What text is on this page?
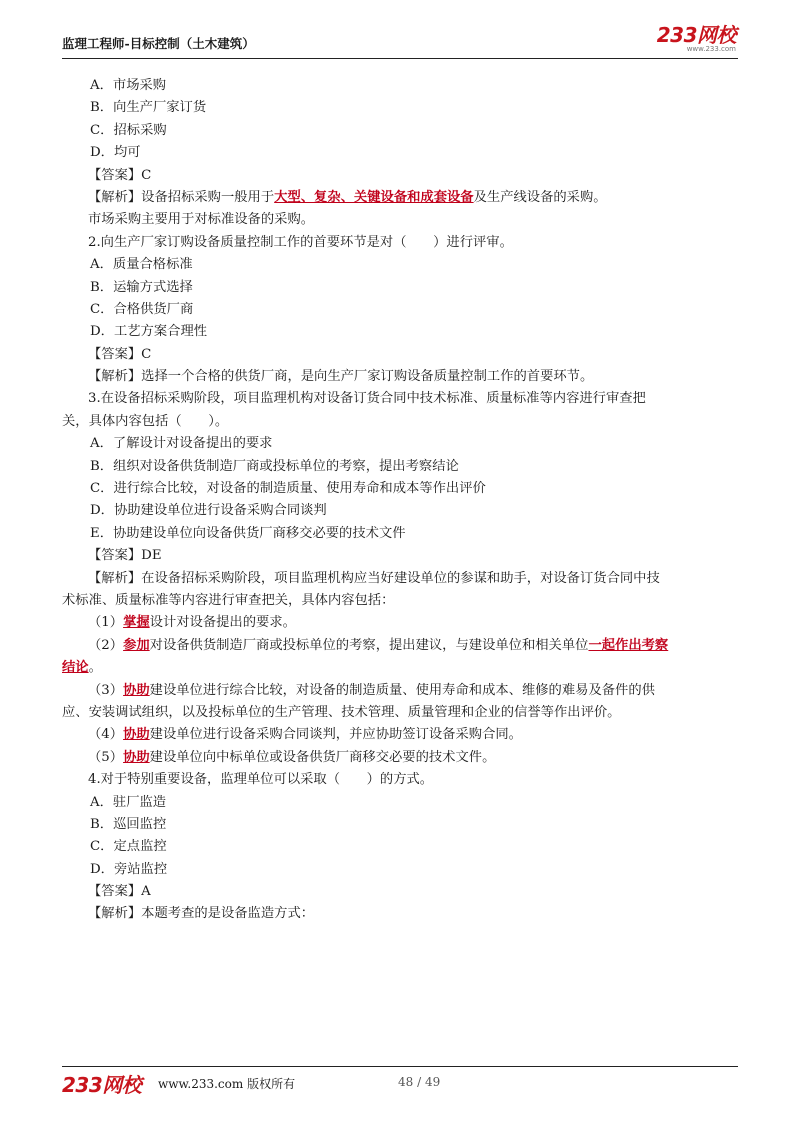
监理工程师-目标控制（土木建筑）	233网校
www.233.com
A．市场采购
B．向生产厂家订货
C．招标采购
D．均可
【答案】C
【解析】设备招标采购一般用于大型、复杂、关键设备和成套设备及生产线设备的采购。
市场采购主要用于对标准设备的采购。
2.向生产厂家订购设备质量控制工作的首要环节是对（　　）进行评审。
A．质量合格标准
B．运输方式选择
C．合格供货厂商
D．工艺方案合理性
【答案】C
【解析】选择一个合格的供货厂商，是向生产厂家订购设备质量控制工作的首要环节。
3.在设备招标采购阶段，项目监理机构对设备订货合同中技术标准、质量标准等内容进行审查把
关，具体内容包括（　　）。
A．了解设计对设备提出的要求
B．组织对设备供货制造厂商或投标单位的考察，提出考察结论
C．进行综合比较，对设备的制造质量、使用寿命和成本等作出评价
D．协助建设单位进行设备采购合同谈判
E．协助建设单位向设备供货厂商移交必要的技术文件
【答案】DE
【解析】在设备招标采购阶段，项目监理机构应当好建设单位的参谋和助手，对设备订货合同中技
术标准、质量标准等内容进行审查把关，具体内容包括：
（1）掌握设计对设备提出的要求。
（2）参加对设备供货制造厂商或投标单位的考察，提出建议，与建设单位和相关单位一起作出考察
结论。
（3）协助建设单位进行综合比较，对设备的制造质量、使用寿命和成本、维修的难易及备件的供
应、安装调试组织，以及投标单位的生产管理、技术管理、质量管理和企业的信誉等作出评价。
（4）协助建设单位进行设备采购合同谈判，并应协助签订设备采购合同。
（5）协助建设单位向中标单位或设备供货厂商移交必要的技术文件。
4.对于特别重要设备，监理单位可以采取（　　）的方式。
A．驻厂监造
B．巡回监控
C．定点监控
D．旁站监控
【答案】A
【解析】本题考查的是设备监造方式：
233网校 www.233.com 版权所有	48 / 49
